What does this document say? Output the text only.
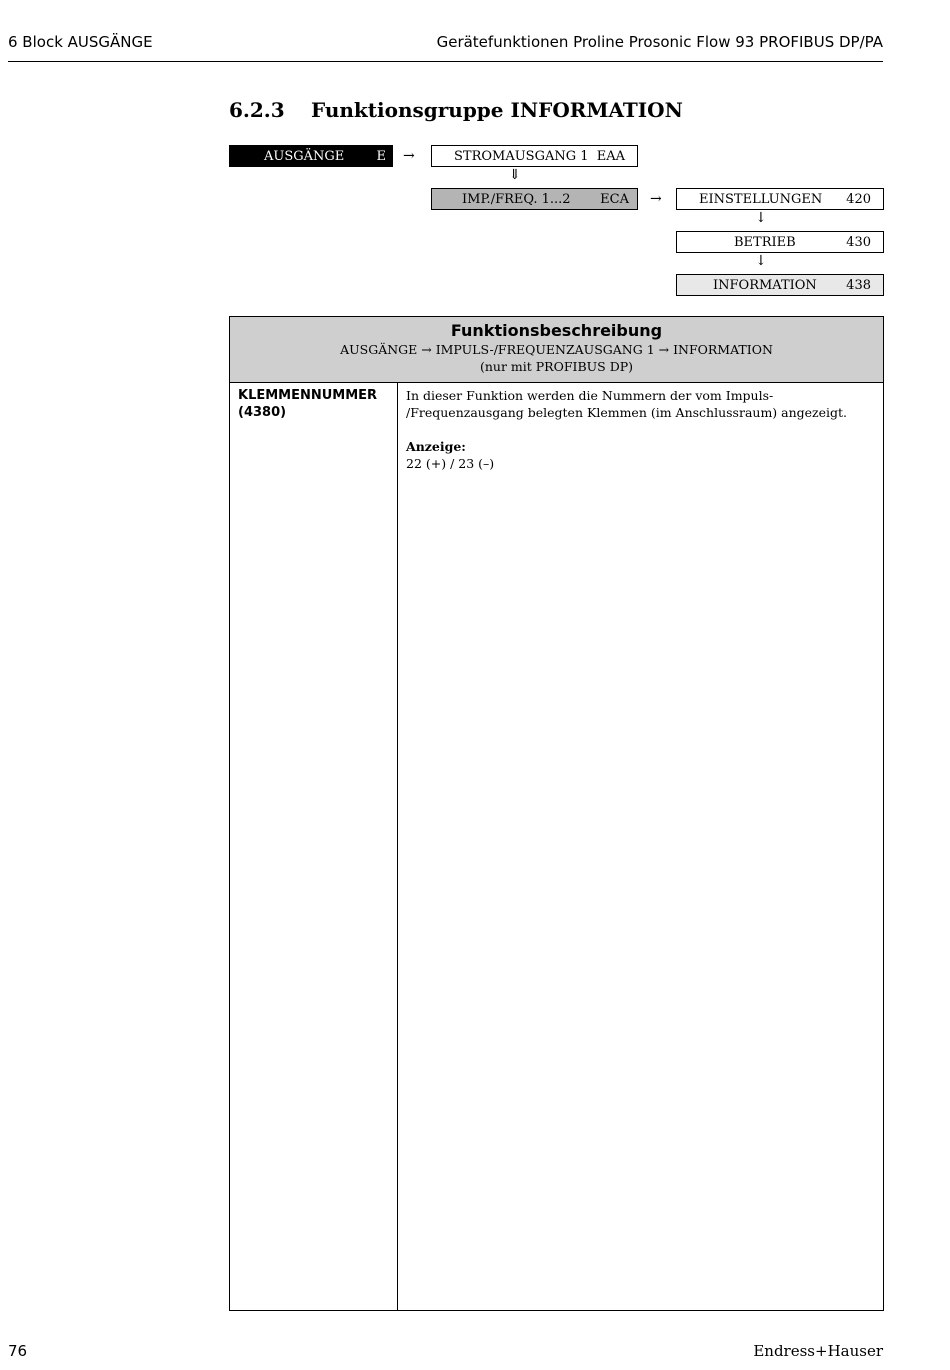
6 Block AUSGÄNGE	Gerätefunktionen Proline Prosonic Flow 93 PROFIBUS DP/PA
6.2.3 Funktionsgruppe INFORMATION
AUSGÄNGE E →	STROMAUSGANG 1 EAA
⇓
IMP./FREQ. 1...2 ECA →	EINSTELLUNGEN 420
↓
BETRIEB	430
↓
INFORMATION 438
Funktionsbeschreibung
AUSGÄNGE → IMPULS-/FREQUENZAUSGANG 1 → INFORMATION
(nur mit PROFIBUS DP)
KLEMMENNUMMER
(4380)
In dieser Funktion werden die Nummern der vom Impuls- /Frequenzausgang belegten Klemmen (im Anschlussraum) angezeigt.
Anzeige:
22 (+) / 23 (–)
76	Endress+Hauser
